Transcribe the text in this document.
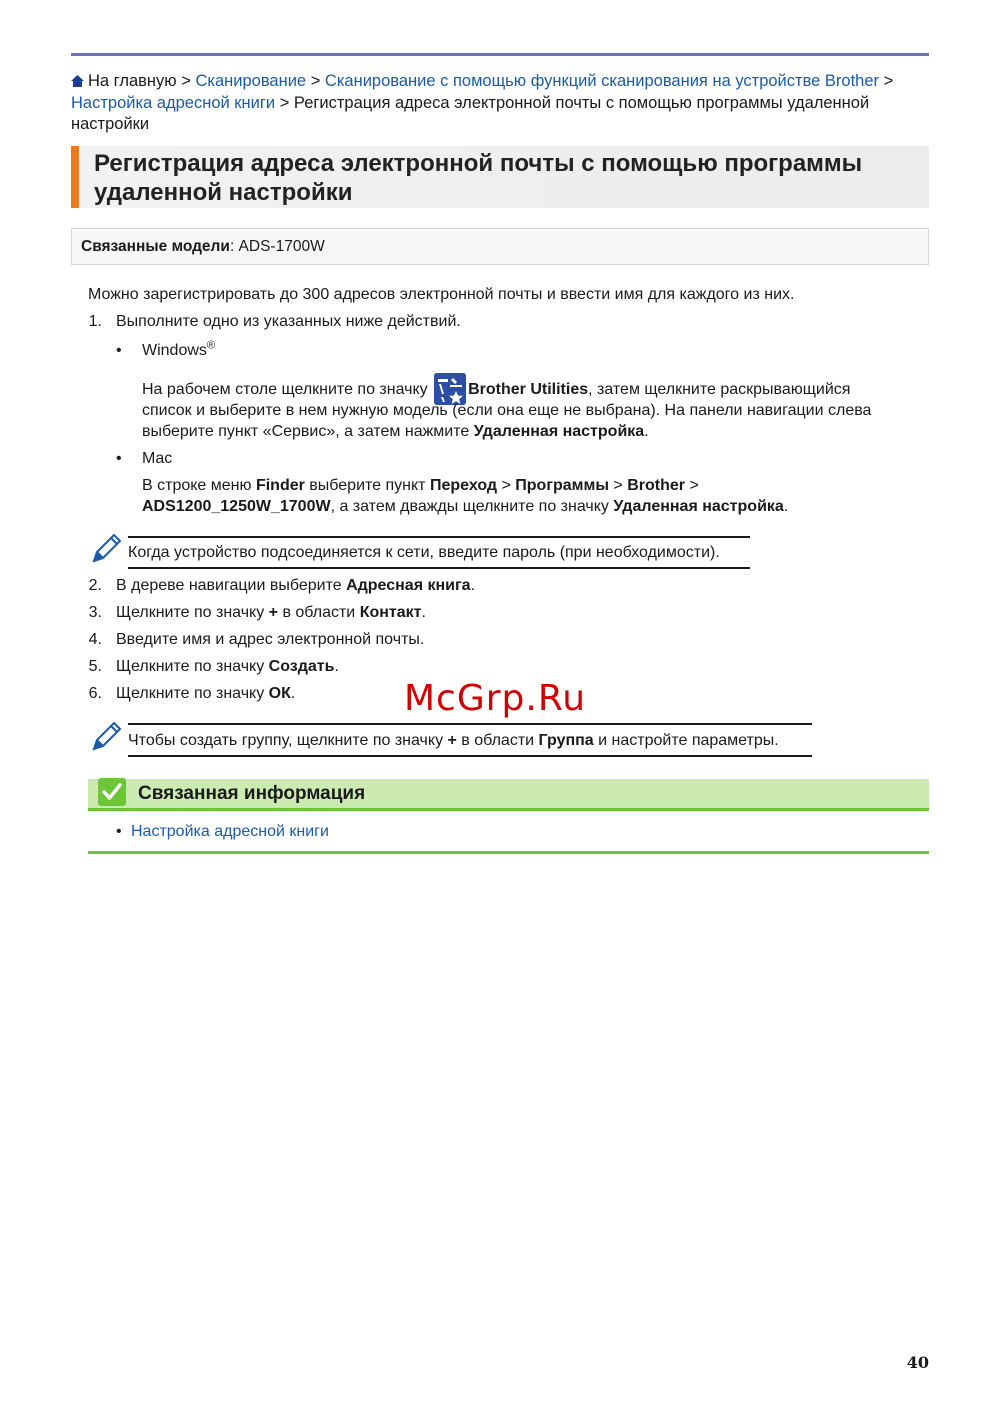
На главную > Сканирование > Сканирование с помощью функций сканирования на устройстве Brother > Настройка адресной книги > Регистрация адреса электронной почты с помощью программы удаленной настройки
Регистрация адреса электронной почты с помощью программы удаленной настройки
Связанные модели: ADS-1700W
Можно зарегистрировать до 300 адресов электронной почты и ввести имя для каждого из них.
1. Выполните одно из указанных ниже действий.
• Windows®
На рабочем столе щелкните по значку Brother Utilities, затем щелкните раскрывающийся
список и выберите в нем нужную модель (если она еще не выбрана). На панели навигации слева
выберите пункт «Сервис», а затем нажмите Удаленная настройка.
• Mac
В строке меню Finder выберите пункт Переход > Программы > Brother >
ADS1200_1250W_1700W, а затем дважды щелкните по значку Удаленная настройка.
Когда устройство подсоединяется к сети, введите пароль (при необходимости).
2. В дереве навигации выберите Адресная книга.
3. Щелкните по значку + в области Контакт.
4. Введите имя и адрес электронной почты.
5. Щелкните по значку Создать.
6. Щелкните по значку ОК.
Чтобы создать группу, щелкните по значку + в области Группа и настройте параметры.
McGrp.Ru
Связанная информация
• Настройка адресной книги
40
